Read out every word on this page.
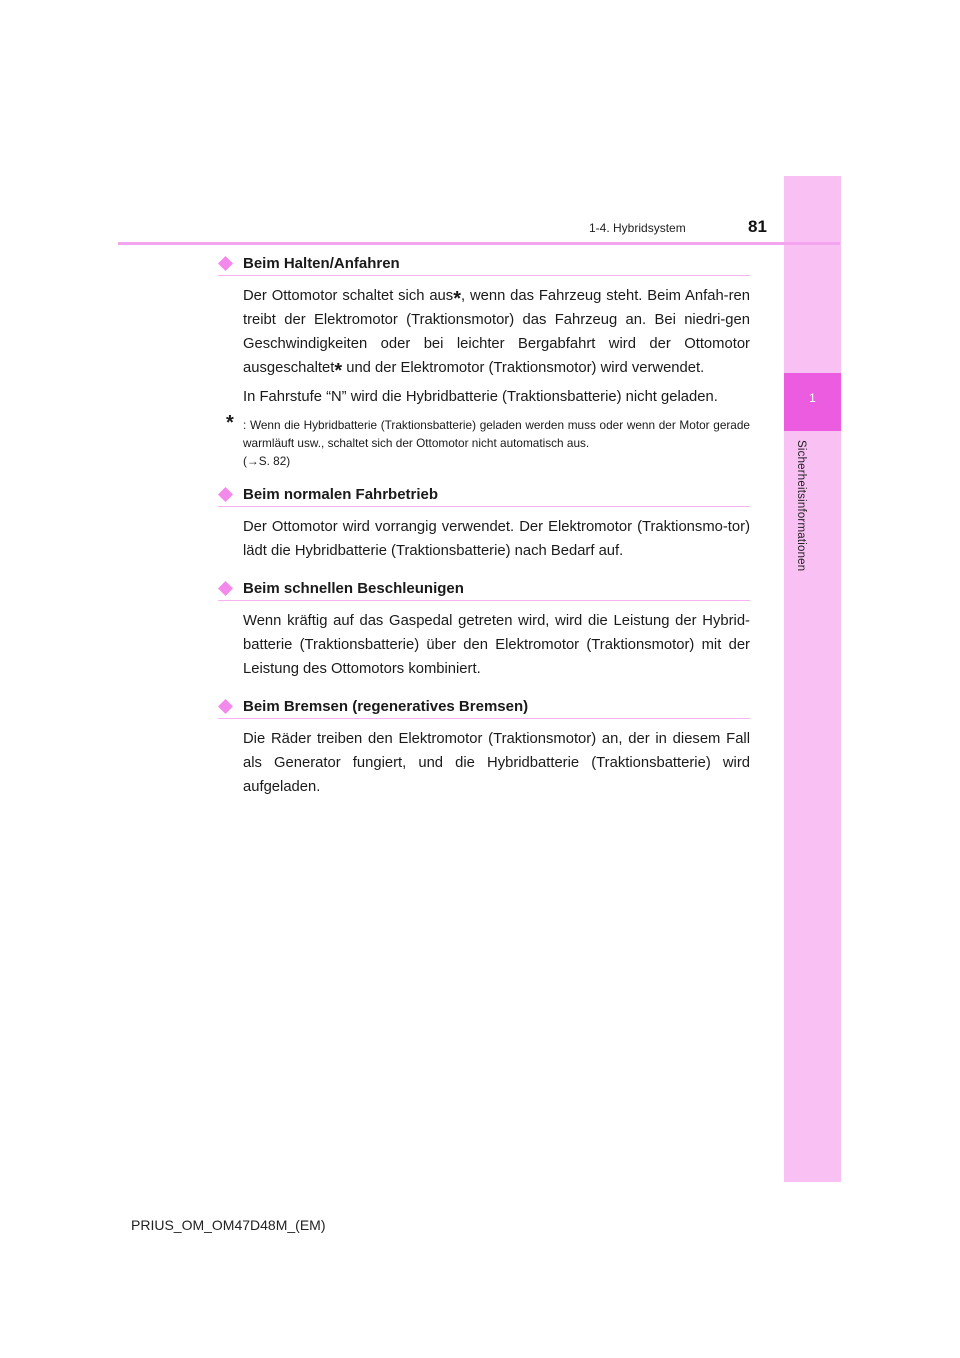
1
Sicherheitsinformationen
1-4. Hybridsystem	81
Beim Halten/Anfahren
Der Ottomotor schaltet sich aus*, wenn das Fahrzeug steht. Beim Anfah-ren treibt der Elektromotor (Traktionsmotor) das Fahrzeug an. Bei niedri-gen Geschwindigkeiten oder bei leichter Bergabfahrt wird der Ottomotor ausgeschaltet* und der Elektromotor (Traktionsmotor) wird verwendet.
In Fahrstufe “N” wird die Hybridbatterie (Traktionsbatterie) nicht geladen.
* : Wenn die Hybridbatterie (Traktionsbatterie) geladen werden muss oder wenn der Motor gerade warmläuft usw., schaltet sich der Ottomotor nicht automatisch aus.
(→S. 82)
Beim normalen Fahrbetrieb
Der Ottomotor wird vorrangig verwendet. Der Elektromotor (Traktionsmo-tor) lädt die Hybridbatterie (Traktionsbatterie) nach Bedarf auf.
Beim schnellen Beschleunigen
Wenn kräftig auf das Gaspedal getreten wird, wird die Leistung der Hybrid-batterie (Traktionsbatterie) über den Elektromotor (Traktionsmotor) mit der Leistung des Ottomotors kombiniert.
Beim Bremsen (regeneratives Bremsen)
Die Räder treiben den Elektromotor (Traktionsmotor) an, der in diesem Fall als Generator fungiert, und die Hybridbatterie (Traktionsbatterie) wird aufgeladen.
PRIUS_OM_OM47D48M_(EM)
